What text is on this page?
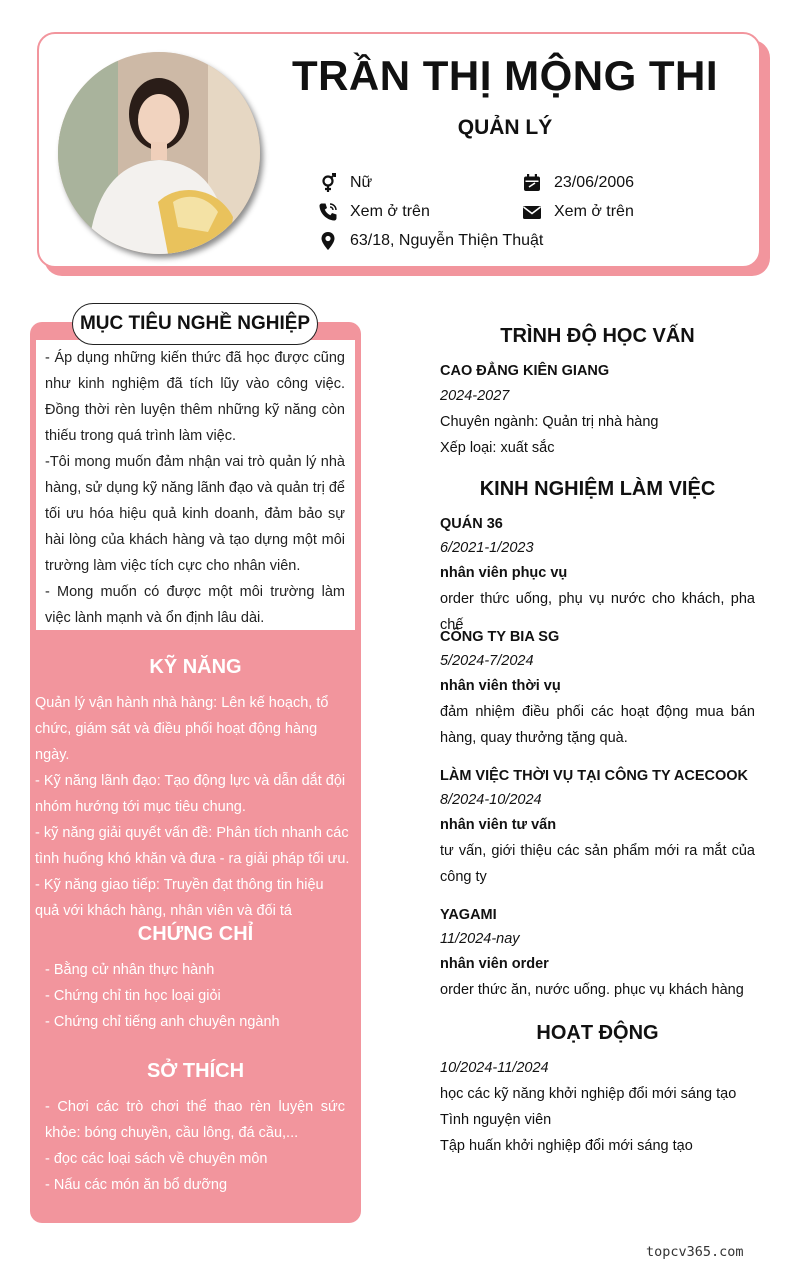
TRẦN THỊ MỘNG THI
QUẢN LÝ
Nữ	23/06/2006
Xem ở trên	Xem ở trên
63/18, Nguyễn Thiện Thuật
MỤC TIÊU NGHỀ NGHIỆP

- Áp dụng những kiến thức đã học được cũng như kinh nghiệm đã tích lũy vào công việc. Đồng thời rèn luyện thêm những kỹ năng còn thiếu trong quá trình làm việc.

-Tôi mong muốn đảm nhận vai trò quản lý nhà hàng, sử dụng kỹ năng lãnh đạo và quản trị để tối ưu hóa hiệu quả kinh doanh, đảm bảo sự hài lòng của khách hàng và tạo dựng một môi trường làm việc tích cực cho nhân viên.

- Mong muốn có được một môi trường làm việc lành mạnh và ổn định lâu dài.

KỸ NĂNG

Quản lý vận hành nhà hàng: Lên kế hoạch, tổ chức, giám sát và điều phối hoạt động hàng ngày.

- Kỹ năng lãnh đạo: Tạo động lực và dẫn dắt đội nhóm hướng tới mục tiêu chung.

- kỹ năng giải quyết vấn đề: Phân tích nhanh các tình huống khó khăn và đưa - ra giải pháp tối ưu.

- Kỹ năng giao tiếp: Truyền đạt thông tin hiệu quả với khách hàng, nhân viên và đối tá

CHỨNG CHỈ

- Bằng cử nhân thực hành

- Chứng chỉ tin học loại giỏi

- Chứng chỉ tiếng anh chuyên ngành

SỞ THÍCH

- Chơi các trò chơi thể thao rèn luyện sức khỏe: bóng chuyền, cầu lông, đá cầu,...

- đọc các loại sách về chuyên môn

- Nấu các món ăn bổ dưỡng

TRÌNH ĐỘ HỌC VẤN
CAO ĐẲNG KIÊN GIANG
2024-2027
Chuyên ngành: Quản trị nhà hàng
Xếp loại: xuất sắc
KINH NGHIỆM LÀM VIỆC
QUÁN 36
6/2021-1/2023
nhân viên phục vụ
order thức uống, phụ vụ nước cho khách, pha chế
CÔNG TY BIA SG
5/2024-7/2024
nhân viên thời vụ
đảm nhiệm điều phối các hoạt động mua bán hàng, quay thưởng tặng quà.
LÀM VIỆC THỜI VỤ TẠI CÔNG TY ACECOOK
8/2024-10/2024
nhân viên tư vấn
tư vấn, giới thiệu các sản phẩm mới ra mắt của công ty
YAGAMI
11/2024-nay
nhân viên order
order thức ăn, nước uống. phục vụ khách hàng
HOẠT ĐỘNG
10/2024-11/2024
học các kỹ năng khởi nghiệp đổi mới sáng tạo
Tình nguyện viên
Tập huấn khởi nghiệp đổi mới sáng tạo
topcv365.com
